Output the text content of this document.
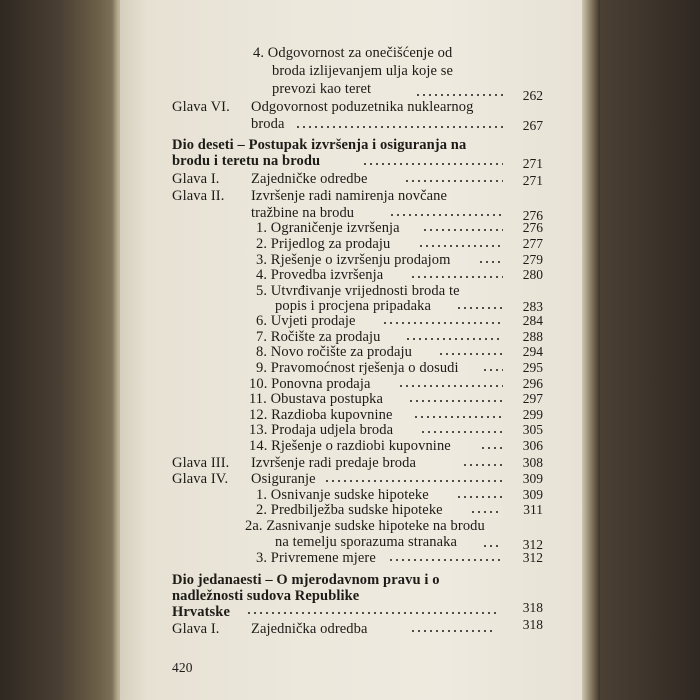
4. Odgovornost za onečišćenje od
broda izlijevanjem ulja koje se
prevozi kao teret	262
Glava VI. Odgovornost poduzetnika nuklearnog
broda	267
Dio deseti – Postupak izvršenja i osiguranja na
brodu i teretu na brodu	271
Glava I. Zajedničke odredbe	271
Glava II. Izvršenje radi namirenja novčane
tražbine na brodu	276
1. Ograničenje izvršenja	276
2. Prijedlog za prodaju	277
3. Rješenje o izvršenju prodajom	279
4. Provedba izvršenja	280
5. Utvrđivanje vrijednosti broda te
popis i procjena pripadaka	283
6. Uvjeti prodaje	284
7. Ročište za prodaju	288
8. Novo ročište za prodaju	294
9. Pravomoćnost rješenja o dosudi	295
10. Ponovna prodaja	296
11. Obustava postupka	297
12. Razdioba kupovnine	299
13. Prodaja udjela broda	305
14. Rješenje o razdiobi kupovnine	306
Glava III. Izvršenje radi predaje broda	308
Glava IV. Osiguranje	309
1. Osnivanje sudske hipoteke	309
2. Predbilježba sudske hipoteke	311
2a. Zasnivanje sudske hipoteke na brodu
na temelju sporazuma stranaka	312
3. Privremene mjere	312
Dio jedanaesti – O mjerodavnom pravu i o
nadležnosti sudova Republike
Hrvatske	318
Glava I. Zajednička odredba	318
420
